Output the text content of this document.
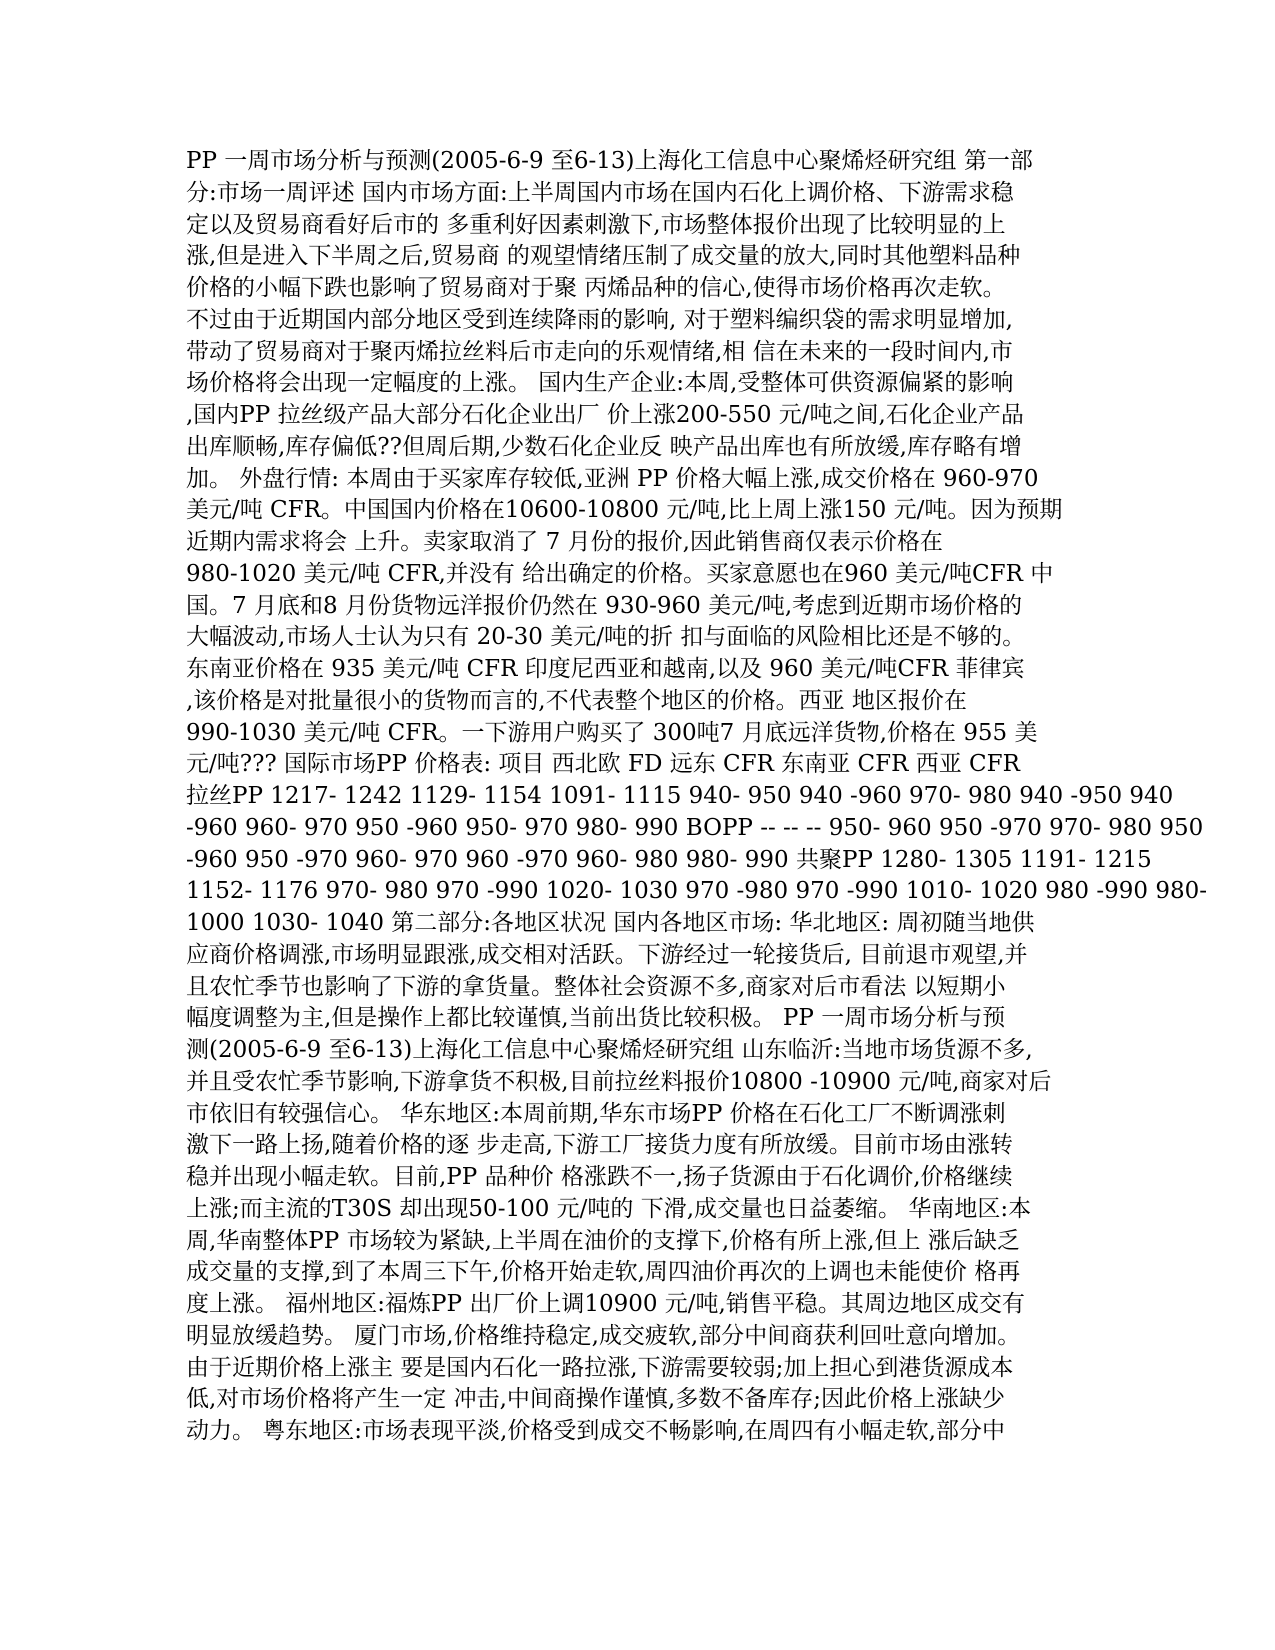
PP 一周市场分析与预测(2005-6-9 至6-13)上海化工信息中心聚烯烃研究组 第一部
分:市场一周评述 国内市场方面:上半周国内市场在国内石化上调价格、下游需求稳
定以及贸易商看好后市的 多重利好因素刺激下,市场整体报价出现了比较明显的上
涨,但是进入下半周之后,贸易商 的观望情绪压制了成交量的放大,同时其他塑料品种
价格的小幅下跌也影响了贸易商对于聚 丙烯品种的信心,使得市场价格再次走软。
不过由于近期国内部分地区受到连续降雨的影响, 对于塑料编织袋的需求明显增加,
带动了贸易商对于聚丙烯拉丝料后市走向的乐观情绪,相 信在未来的一段时间内,市
场价格将会出现一定幅度的上涨。 国内生产企业:本周,受整体可供资源偏紧的影响
,国内PP 拉丝级产品大部分石化企业出厂 价上涨200-550 元/吨之间,石化企业产品
出库顺畅,库存偏低??但周后期,少数石化企业反 映产品出库也有所放缓,库存略有增
加。 外盘行情: 本周由于买家库存较低,亚洲 PP 价格大幅上涨,成交价格在 960-970
美元/吨 CFR。中国国内价格在10600-10800 元/吨,比上周上涨150 元/吨。因为预期
近期内需求将会 上升。卖家取消了 7 月份的报价,因此销售商仅表示价格在
980-1020 美元/吨 CFR,并没有 给出确定的价格。买家意愿也在960 美元/吨CFR 中
国。7 月底和8 月份货物远洋报价仍然在 930-960 美元/吨,考虑到近期市场价格的
大幅波动,市场人士认为只有 20-30 美元/吨的折 扣与面临的风险相比还是不够的。
东南亚价格在 935 美元/吨 CFR 印度尼西亚和越南,以及 960 美元/吨CFR 菲律宾
,该价格是对批量很小的货物而言的,不代表整个地区的价格。西亚 地区报价在
990-1030 美元/吨 CFR。一下游用户购买了 300吨7 月底远洋货物,价格在 955 美
元/吨??? 国际市场PP 价格表: 项目 西北欧 FD 远东 CFR 东南亚 CFR 西亚 CFR
拉丝PP 1217- 1242 1129- 1154 1091- 1115 940- 950 940 -960 970- 980 940 -950 940
-960 960- 970 950 -960 950- 970 980- 990 BOPP -- -- -- 950- 960 950 -970 970- 980 950
-960 950 -970 960- 970 960 -970 960- 980 980- 990 共聚PP 1280- 1305 1191- 1215
1152- 1176 970- 980 970 -990 1020- 1030 970 -980 970 -990 1010- 1020 980 -990 980-
1000 1030- 1040 第二部分:各地区状况 国内各地区市场: 华北地区: 周初随当地供
应商价格调涨,市场明显跟涨,成交相对活跃。下游经过一轮接货后, 目前退市观望,并
且农忙季节也影响了下游的拿货量。整体社会资源不多,商家对后市看法 以短期小
幅度调整为主,但是操作上都比较谨慎,当前出货比较积极。 PP 一周市场分析与预
测(2005-6-9 至6-13)上海化工信息中心聚烯烃研究组 山东临沂:当地市场货源不多,
并且受农忙季节影响,下游拿货不积极,目前拉丝料报价10800 -10900 元/吨,商家对后
市依旧有较强信心。 华东地区:本周前期,华东市场PP 价格在石化工厂不断调涨刺
激下一路上扬,随着价格的逐 步走高,下游工厂接货力度有所放缓。目前市场由涨转
稳并出现小幅走软。目前,PP 品种价 格涨跌不一,扬子货源由于石化调价,价格继续
上涨;而主流的T30S 却出现50-100 元/吨的 下滑,成交量也日益萎缩。 华南地区:本
周,华南整体PP 市场较为紧缺,上半周在油价的支撑下,价格有所上涨,但上 涨后缺乏
成交量的支撑,到了本周三下午,价格开始走软,周四油价再次的上调也未能使价 格再
度上涨。 福州地区:福炼PP 出厂价上调10900 元/吨,销售平稳。其周边地区成交有
明显放缓趋势。 厦门市场,价格维持稳定,成交疲软,部分中间商获利回吐意向增加。
由于近期价格上涨主 要是国内石化一路拉涨,下游需要较弱;加上担心到港货源成本
低,对市场价格将产生一定 冲击,中间商操作谨慎,多数不备库存;因此价格上涨缺少
动力。 粤东地区:市场表现平淡,价格受到成交不畅影响,在周四有小幅走软,部分中
